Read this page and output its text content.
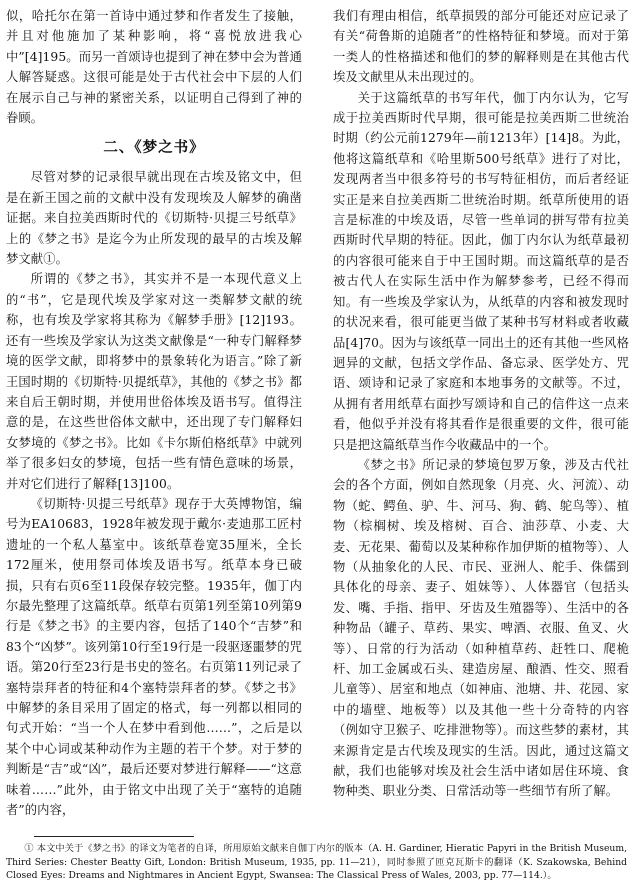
似，哈托尔在第一首诗中通过梦和作者发生了接触，并且对他施加了某种影响，将“喜悦放进我心中”[4]195。而另一首颂诗也提到了神在梦中会为普通人解答疑惑。这很可能是处于古代社会中下层的人们在展示自己与神的紧密关系，以证明自己得到了神的眷顾。

二、《梦之书》

尽管对梦的记录很早就出现在古埃及铭文中，但是在新王国之前的文献中没有发现埃及人解梦的确凿证据。来自拉美西斯时代的《切斯特·贝提三号纸草》上的《梦之书》是迄今为止所发现的最早的古埃及解梦文献①。

所谓的《梦之书》，其实并不是一本现代意义上的“书”，它是现代埃及学家对这一类解梦文献的统称，也有埃及学家将其称为《解梦手册》[12]193。还有一些埃及学家认为这类文献像是“一种专门解释梦境的医学文献，即将梦中的景象转化为语言。”除了新王国时期的《切斯特·贝提纸草》，其他的《梦之书》都来自后王朝时期，并使用世俗体埃及语书写。值得注意的是，在这些世俗体文献中，还出现了专门解释妇女梦境的《梦之书》。比如《卡尔斯伯格纸草》中就列举了很多妇女的梦境，包括一些有情色意味的场景，并对它们进行了解释[13]100。

《切斯特·贝提三号纸草》现存于大英博物馆，编号为EA10683，1928年被发现于戴尔·麦迪那工匠村遗址的一个私人墓室中。该纸草卷宽35厘米，全长172厘米，使用祭司体埃及语书写。纸草本身已破损，只有右页6至11段保存较完整。1935年，伽丁内尔最先整理了这篇纸草。纸草右页第1列至第10列第9行是《梦之书》的主要内容，包括了140个“吉梦”和83个“凶梦”。该列第10行至19行是一段驱逐噩梦的咒语。第20行至23行是书史的签名。右页第11列记录了塞特崇拜者的特征和4个塞特崇拜者的梦。《梦之书》中解梦的条目采用了固定的格式，每一列都以相同的句式开始：“当一个人在梦中看到他……”，之后是以某个中心词或某种动作为主题的若干个梦。对于梦的判断是“吉”或“凶”，最后还要对梦进行解释——“这意味着……”此外，由于铭文中出现了关于“塞特的追随者”的内容，

我们有理由相信，纸草损毁的部分可能还对应记录了有关“荷鲁斯的追随者”的性格特征和梦境。而对于第一类人的性格描述和他们的梦的解释则是在其他古代埃及文献里从未出现过的。

关于这篇纸草的书写年代，伽丁内尔认为，它写成于拉美西斯时代早期，很可能是拉美西斯二世统治时期（约公元前1279年—前1213年）[14]8。为此，他将这篇纸草和《哈里斯500号纸草》进行了对比，发现两者当中很多符号的书写特征相仿，而后者经证实正是来自拉美西斯二世统治时期。纸草所使用的语言是标准的中埃及语，尽管一些单词的拼写带有拉美西斯时代早期的特征。因此，伽丁内尔认为纸草最初的内容很可能来自于中王国时期。而这篇纸草的是否被古代人在实际生活中作为解梦参考，已经不得而知。有一些埃及学家认为，从纸草的内容和被发现时的状况来看，很可能更当做了某种书写材料或者收藏品[4]70。因为与该纸草一同出土的还有其他一些风格迥异的文献，包括文学作品、备忘录、医学处方、咒语、颂诗和记录了家庭和本地事务的文献等。不过，从拥有者用纸草右面抄写颂诗和自己的信件这一点来看，他似乎并没有将其看作是很重要的文件，很可能只是把这篇纸草当作今收藏品中的一个。

《梦之书》所记录的梦境包罗万象，涉及古代社会的各个方面，例如自然现象（月亮、火、河流）、动物（蛇、鳄鱼、驴、牛、河马、狗、鹤、鸵鸟等）、植物（棕榈树、埃及榕树、百合、油莎草、小麦、大麦、无花果、葡萄以及某种称作加伊斯的植物等）、人物（从抽象化的人民、市民、亚洲人、舵手、侏儒到具体化的母亲、妻子、姐妹等）、人体器官（包括头发、嘴、手指、指甲、牙齿及生殖器等）、生活中的各种物品（罐子、草药、果实、啤酒、衣服、鱼叉、火等）、日常的行为活动（如种植草药、赶牲口、爬桅杆、加工金属或石头、建造房屋、酿酒、性交、照看儿童等）、居室和地点（如神庙、池塘、井、花园、家中的墙壁、地板等）以及其他一些十分奇特的内容（例如守卫猴子、吃排泄物等）。而这些梦的素材，其来源肯定是古代埃及现实的生活。因此，通过这篇文献，我们也能够对埃及社会生活中诸如居住环境、食物种类、职业分类、日常活动等一些细节有所了解。

① 本文中关于《梦之书》的译文为笔者的自译，所用原始文献来自伽丁内尔的版本（A. H. Gardiner, Hieratic Papyri in the British Museum, Third Series: Chester Beatty Gift, London: British Museum, 1935, pp. 11—21），同时参照了匝克瓦斯卡的翻译（K. Szakowska, Behind Closed Eyes: Dreams and Nightmares in Ancient Egypt, Swansea: The Classical Press of Wales, 2003, pp. 77—114.）。
